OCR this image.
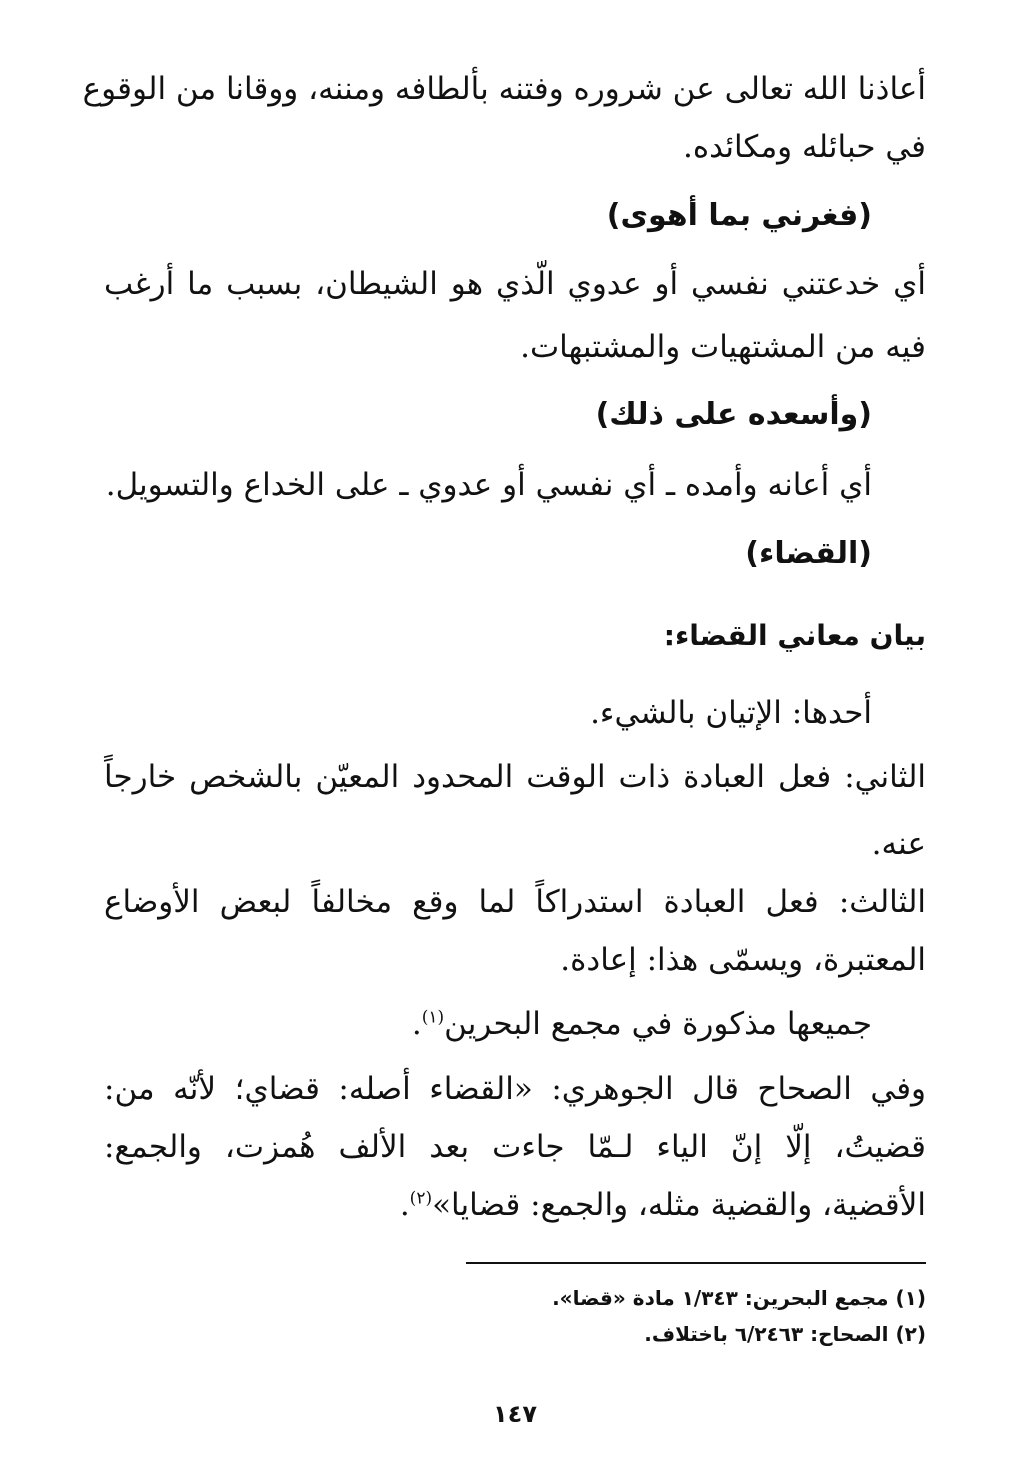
أعاذنا الله تعالى عن شروره وفتنه بألطافه ومننه، ووقانا من الوقوع
في حبائله ومكائده.
(فغرني بما أهوى)
أي خدعتني نفسي أو عدوي الّذي هو الشيطان، بسبب ما أرغب
فيه من المشتهيات والمشتبهات.
(وأسعده على ذلك)
أي أعانه وأمده ـ أي نفسي أو عدوي ـ على الخداع والتسويل.
(القضاء)
بيان معاني القضاء:
أحدها: الإتيان بالشيء.
الثاني: فعل العبادة ذات الوقت المحدود المعيّن بالشخص خارجاً
عنه.
الثالث: فعل العبادة استدراكاً لما وقع مخالفاً لبعض الأوضاع
المعتبرة، ويسمّى هذا: إعادة.
جميعها مذكورة في مجمع البحرين$^{(١)}$.
وفي الصحاح قال الجوهري: «القضاء أصله: قضاي؛ لأنّه من:
قضيتُ، إلّا إنّ الياء لـمّا جاءت بعد الألف هُمزت، والجمع:
الأقضية، والقضية مثله، والجمع: قضايا»$^{(٢)}$.
(١) مجمع البحرين: ١/٣٤٣ مادة «قضا».
(٢) الصحاح: ٦/٢٤٦٣ باختلاف.
١٤٧
